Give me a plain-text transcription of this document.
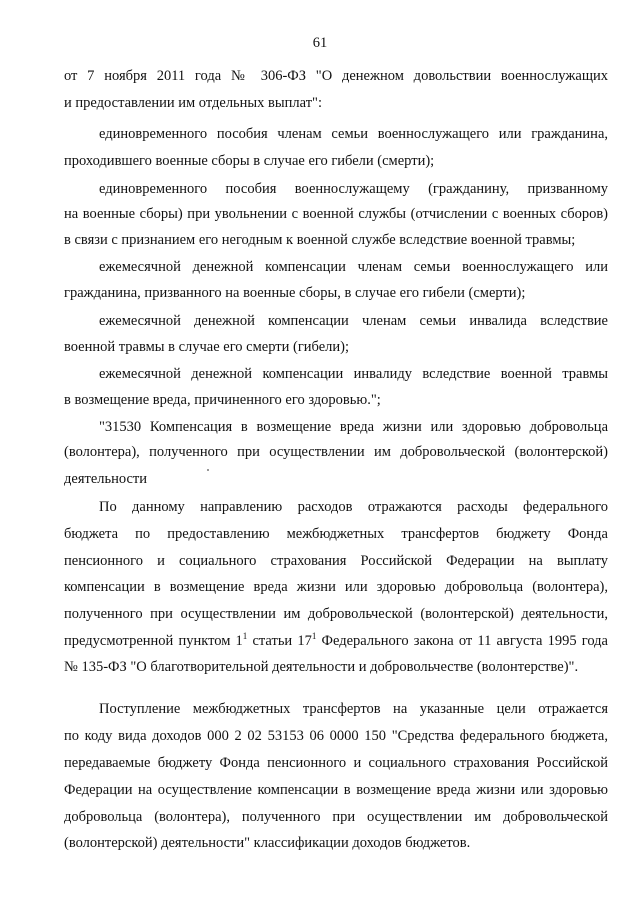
61
от 7 ноября 2011 года № 306-ФЗ "О денежном довольствии военнослужащих
и предоставлении им отдельных выплат":
единовременного пособия членам семьи военнослужащего или гражданина,
проходившего военные сборы в случае его гибели (смерти);
единовременного пособия военнослужащему (гражданину, призванному
на военные сборы) при увольнении с военной службы (отчислении с военных сборов)
в связи с признанием его негодным к военной службе вследствие военной травмы;
ежемесячной денежной компенсации членам семьи военнослужащего или
гражданина, призванного на военные сборы, в случае его гибели (смерти);
ежемесячной денежной компенсации членам семьи инвалида вследствие
военной травмы в случае его смерти (гибели);
ежемесячной денежной компенсации инвалиду вследствие военной травмы
в возмещение вреда, причиненного его здоровью.";
"31530 Компенсация в возмещение вреда жизни или здоровью добровольца
(волонтера), полученного при осуществлении им добровольческой (волонтерской)
деятельности
По данному направлению расходов отражаются расходы федерального
бюджета по предоставлению межбюджетных трансфертов бюджету Фонда
пенсионного и социального страхования Российской Федерации на выплату
компенсации в возмещение вреда жизни или здоровью добровольца (волонтера),
полученного при осуществлении им добровольческой (волонтерской) деятельности,
предусмотренной пунктом $1^1$ статьи $17^1$ Федерального закона от 11 августа 1995 года
№ 135-ФЗ "О благотворительной деятельности и добровольчестве (волонтерстве)".
Поступление межбюджетных трансфертов на указанные цели отражается
по коду вида доходов 000 2 02 53153 06 0000 150 "Средства федерального бюджета,
передаваемые бюджету Фонда пенсионного и социального страхования Российской
Федерации на осуществление компенсации в возмещение вреда жизни или здоровью
добровольца (волонтера), полученного при осуществлении им добровольческой
(волонтерской) деятельности" классификации доходов бюджетов.
